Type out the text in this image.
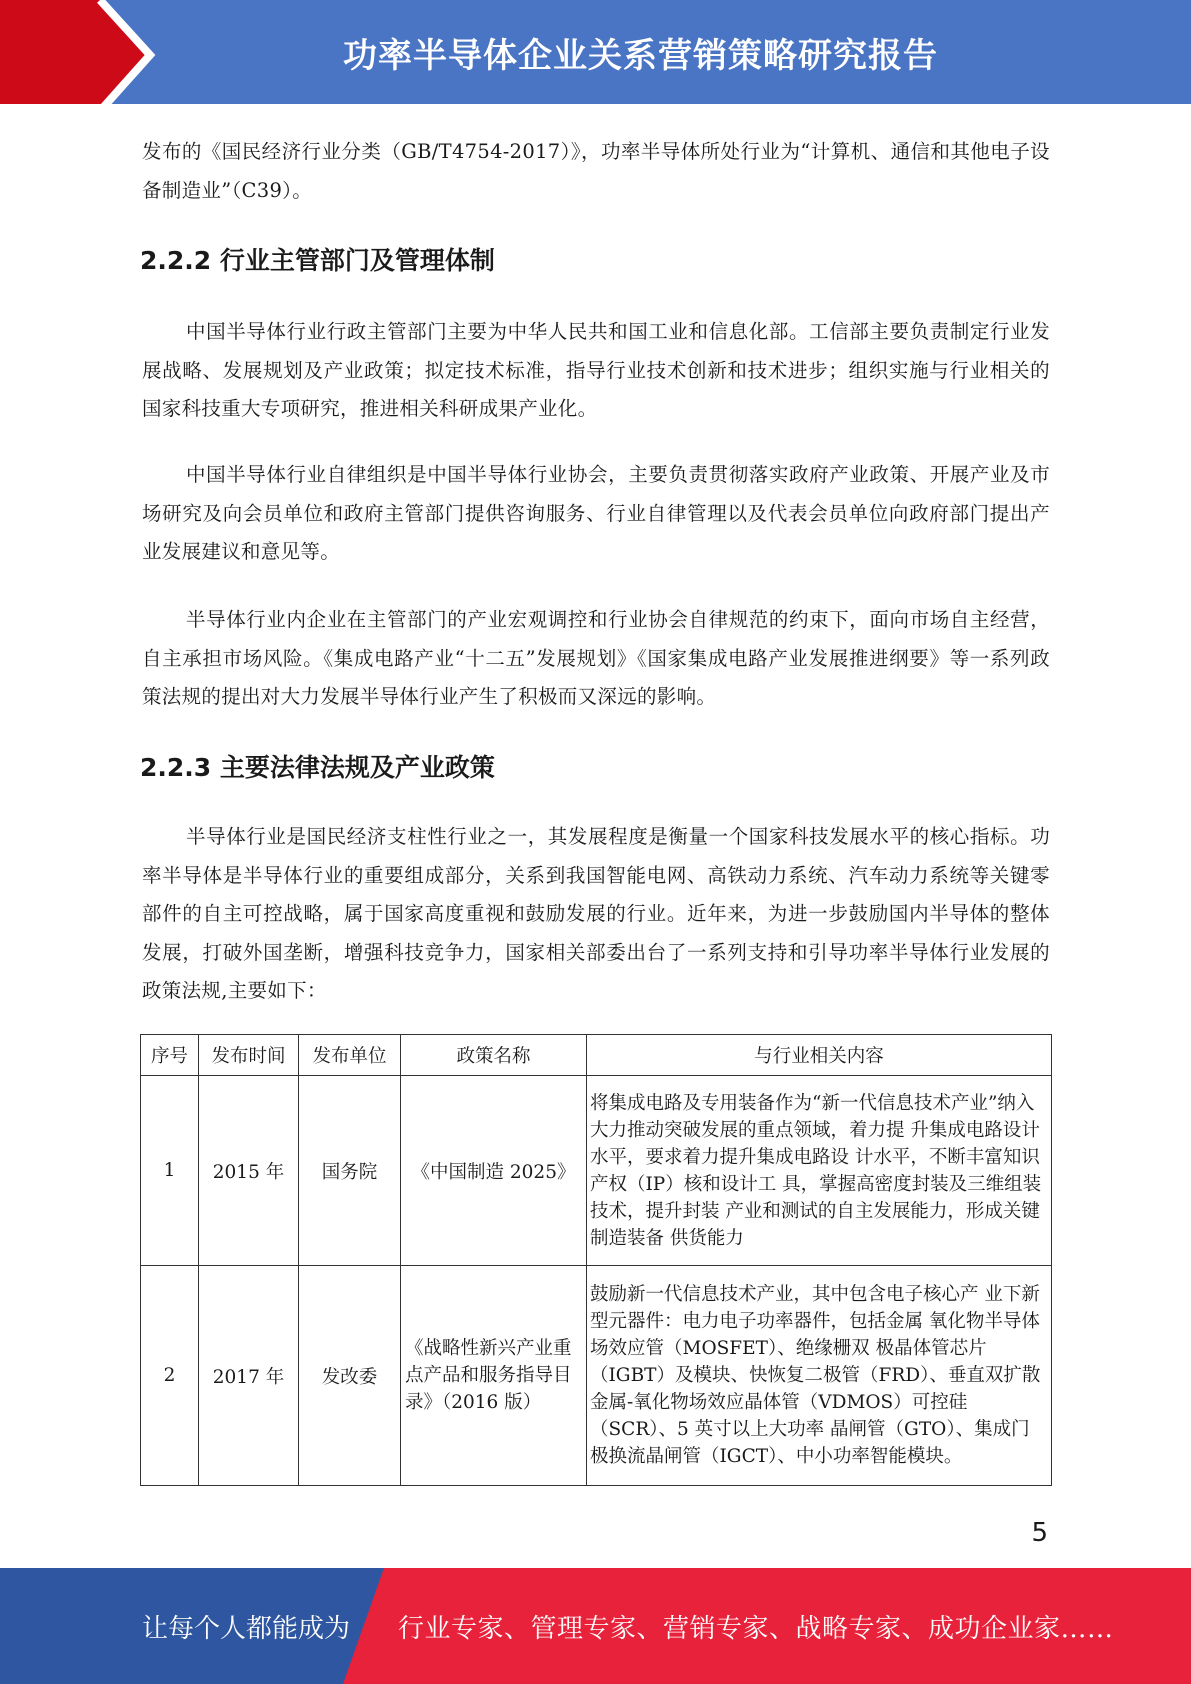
功率半导体企业关系营销策略研究报告

发布的《国民经济行业分类（GB/T4754-2017）》，功率半导体所处行业为“计算机、通信和其他电子设备制造业”（C39）。

2.2.2 行业主管部门及管理体制

中国半导体行业行政主管部门主要为中华人民共和国工业和信息化部。工信部主要负责制定行业发展战略、发展规划及产业政策；拟定技术标准，指导行业技术创新和技术进步；组织实施与行业相关的国家科技重大专项研究，推进相关科研成果产业化。

中国半导体行业自律组织是中国半导体行业协会，主要负责贯彻落实政府产业政策、开展产业及市场研究及向会员单位和政府主管部门提供咨询服务、行业自律管理以及代表会员单位向政府部门提出产业发展建议和意见等。

半导体行业内企业在主管部门的产业宏观调控和行业协会自律规范的约束下，面向市场自主经营，自主承担市场风险。《集成电路产业“十二五”发展规划》《国家集成电路产业发展推进纲要》等一系列政策法规的提出对大力发展半导体行业产生了积极而又深远的影响。

2.2.3 主要法律法规及产业政策

半导体行业是国民经济支柱性行业之一，其发展程度是衡量一个国家科技发展水平的核心指标。功率半导体是半导体行业的重要组成部分，关系到我国智能电网、高铁动力系统、汽车动力系统等关键零部件的自主可控战略，属于国家高度重视和鼓励发展的行业。近年来，为进一步鼓励国内半导体的整体发展，打破外国垄断，增强科技竞争力，国家相关部委出台了一系列支持和引导功率半导体行业发展的政策法规,主要如下：

序号	发布时间	发布单位	政策名称	与行业相关内容
1	2015 年	国务院	《中国制造 2025》	将集成电路及专用装备作为“新一代信息技术产业”纳入大力推动突破发展的重点领域，着力提 升集成电路设计水平，要求着力提升集成电路设 计水平，不断丰富知识产权（IP）核和设计工 具，掌握高密度封装及三维组装技术，提升封装 产业和测试的自主发展能力，形成关键制造装备 供货能力
2	2017 年	发改委	《战略性新兴产业重点产品和服务指导目录》（2016 版）	鼓励新一代信息技术产业，其中包含电子核心产 业下新型元器件：电力电子功率器件，包括金属 氧化物半导体场效应管（MOSFET）、绝缘栅双 极晶体管芯片（IGBT）及模块、快恢复二极管（FRD）、垂直双扩散金属-氧化物场效应晶体管（VDMOS）可控硅（SCR）、5 英寸以上大功率 晶闸管（GTO）、集成门极换流晶闸管（IGCT）、中小功率智能模块。
5
让每个人都能成为 行业专家、管理专家、营销专家、战略专家、成功企业家……
